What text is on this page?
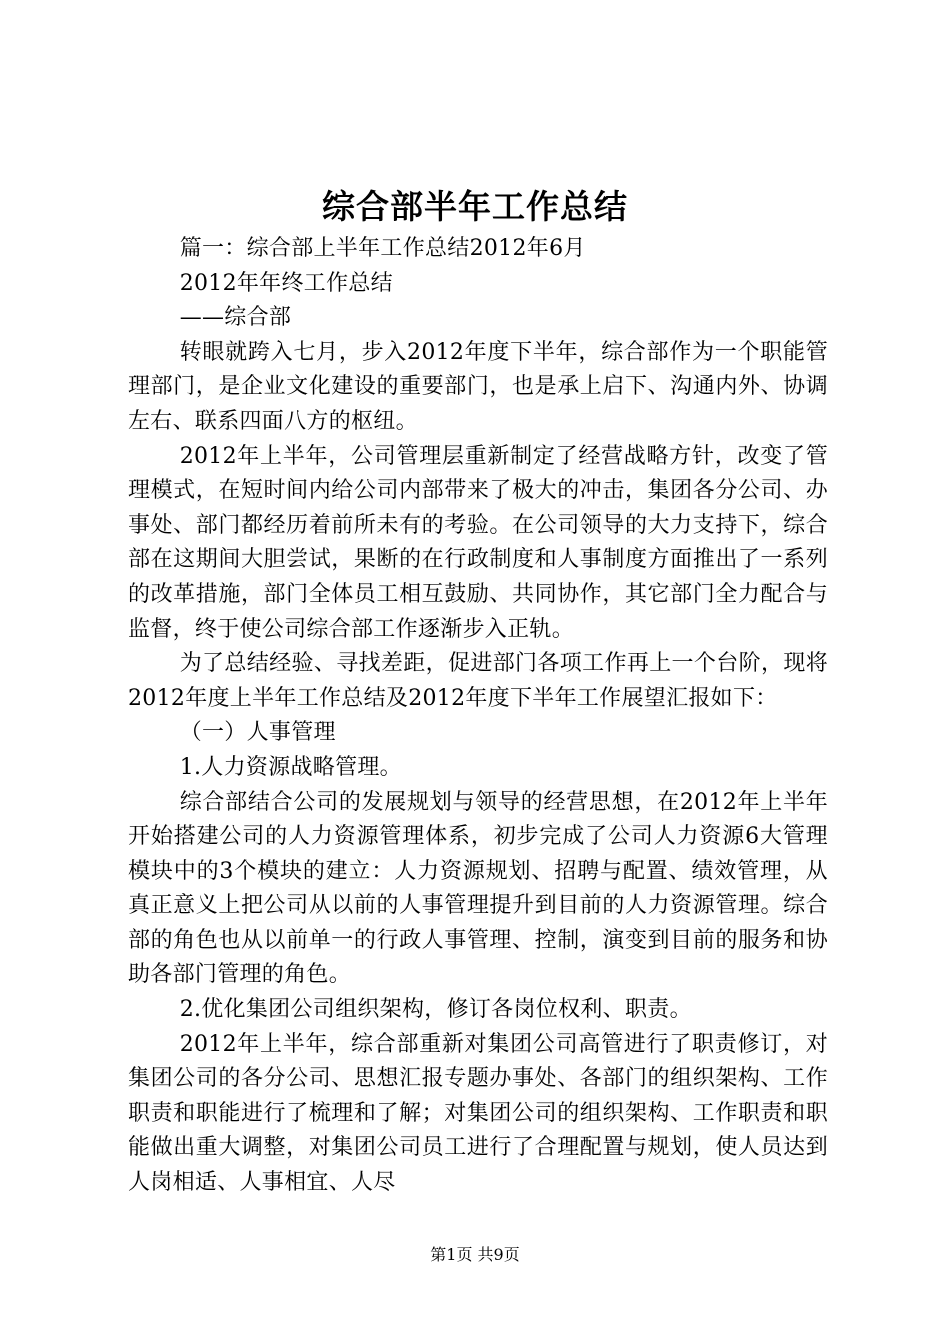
综合部半年工作总结

篇一：综合部上半年工作总结2012年6月

2012年年终工作总结

——综合部

转眼就跨入七月，步入2012年度下半年，综合部作为一个职能管理部门，是企业文化建设的重要部门，也是承上启下、沟通内外、协调左右、联系四面八方的枢纽。

2012年上半年，公司管理层重新制定了经营战略方针，改变了管理模式，在短时间内给公司内部带来了极大的冲击，集团各分公司、办事处、部门都经历着前所未有的考验。在公司领导的大力支持下，综合部在这期间大胆尝试，果断的在行政制度和人事制度方面推出了一系列的改革措施，部门全体员工相互鼓励、共同协作，其它部门全力配合与监督，终于使公司综合部工作逐渐步入正轨。

为了总结经验、寻找差距，促进部门各项工作再上一个台阶，现将2012年度上半年工作总结及2012年度下半年工作展望汇报如下：

（一）人事管理

1.人力资源战略管理。

综合部结合公司的发展规划与领导的经营思想，在2012年上半年开始搭建公司的人力资源管理体系，初步完成了公司人力资源6大管理模块中的3个模块的建立：人力资源规划、招聘与配置、绩效管理，从真正意义上把公司从以前的人事管理提升到目前的人力资源管理。综合部的角色也从以前单一的行政人事管理、控制，演变到目前的服务和协助各部门管理的角色。

2.优化集团公司组织架构，修订各岗位权利、职责。

2012年上半年，综合部重新对集团公司高管进行了职责修订，对集团公司的各分公司、思想汇报专题办事处、各部门的组织架构、工作职责和职能进行了梳理和了解；对集团公司的组织架构、工作职责和职能做出重大调整，对集团公司员工进行了合理配置与规划，使人员达到人岗相适、人事相宜、人尽

第1页 共9页
